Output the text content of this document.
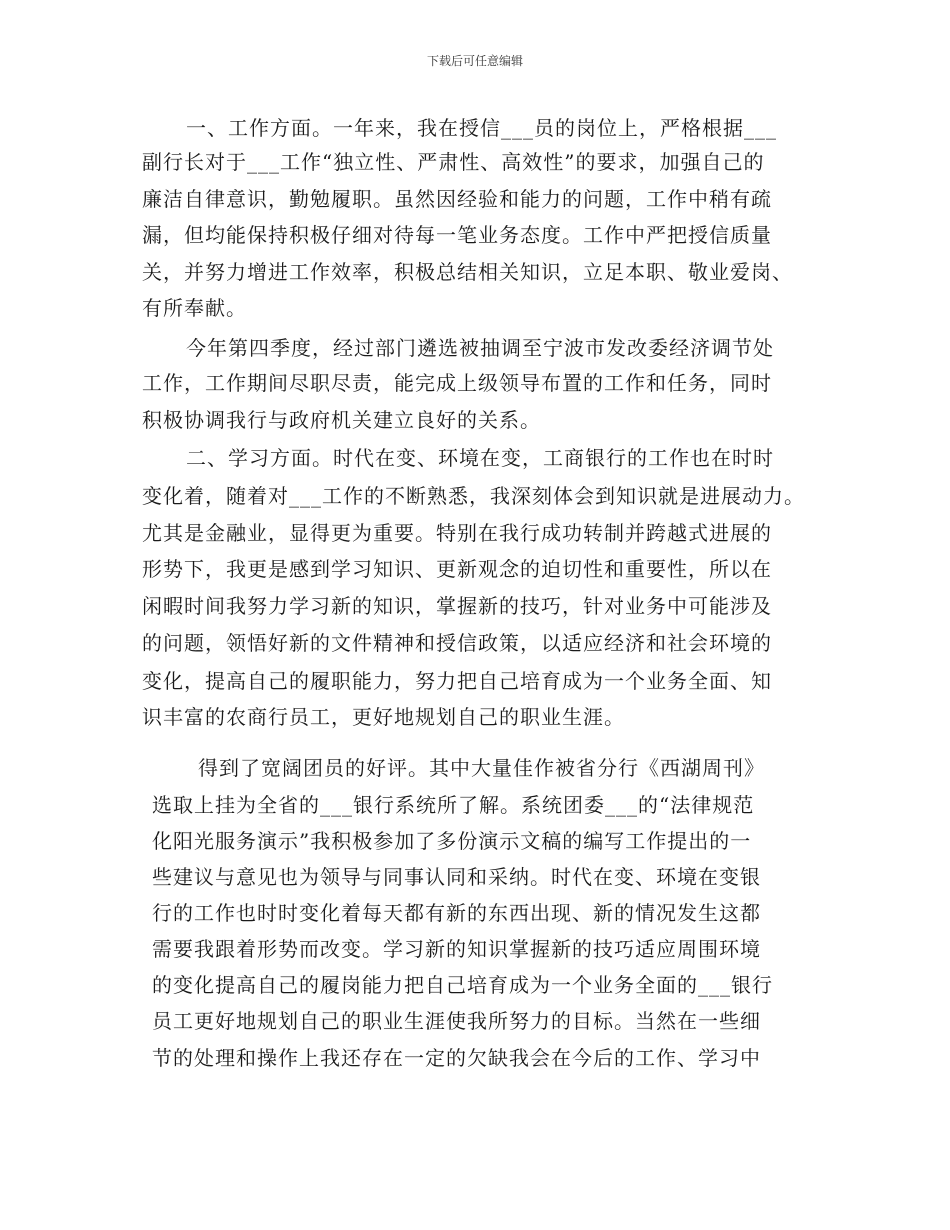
下载后可任意编辑
一、工作方面。一年来，我在授信___员的岗位上，严格根据___
副行长对于___工作“独立性、严肃性、高效性”的要求，加强自己的
廉洁自律意识，勤勉履职。虽然因经验和能力的问题，工作中稍有疏
漏，但均能保持积极仔细对待每一笔业务态度。工作中严把授信质量
关，并努力增进工作效率，积极总结相关知识，立足本职、敬业爱岗、
有所奉献。
今年第四季度，经过部门遴选被抽调至宁波市发改委经济调节处
工作，工作期间尽职尽责，能完成上级领导布置的工作和任务，同时
积极协调我行与政府机关建立良好的关系。
二、学习方面。时代在变、环境在变，工商银行的工作也在时时
变化着，随着对___工作的不断熟悉，我深刻体会到知识就是进展动力。
尤其是金融业，显得更为重要。特别在我行成功转制并跨越式进展的
形势下，我更是感到学习知识、更新观念的迫切性和重要性，所以在
闲暇时间我努力学习新的知识，掌握新的技巧，针对业务中可能涉及
的问题，领悟好新的文件精神和授信政策，以适应经济和社会环境的
变化，提高自己的履职能力，努力把自己培育成为一个业务全面、知
识丰富的农商行员工，更好地规划自己的职业生涯。
得到了宽阔团员的好评。其中大量佳作被省分行《西湖周刊》
选取上挂为全省的___银行系统所了解。系统团委___的“法律规范
化阳光服务演示”我积极参加了多份演示文稿的编写工作提出的一
些建议与意见也为领导与同事认同和采纳。时代在变、环境在变银
行的工作也时时变化着每天都有新的东西出现、新的情况发生这都
需要我跟着形势而改变。学习新的知识掌握新的技巧适应周围环境
的变化提高自己的履岗能力把自己培育成为一个业务全面的___银行
员工更好地规划自己的职业生涯使我所努力的目标。当然在一些细
节的处理和操作上我还存在一定的欠缺我会在今后的工作、学习中
